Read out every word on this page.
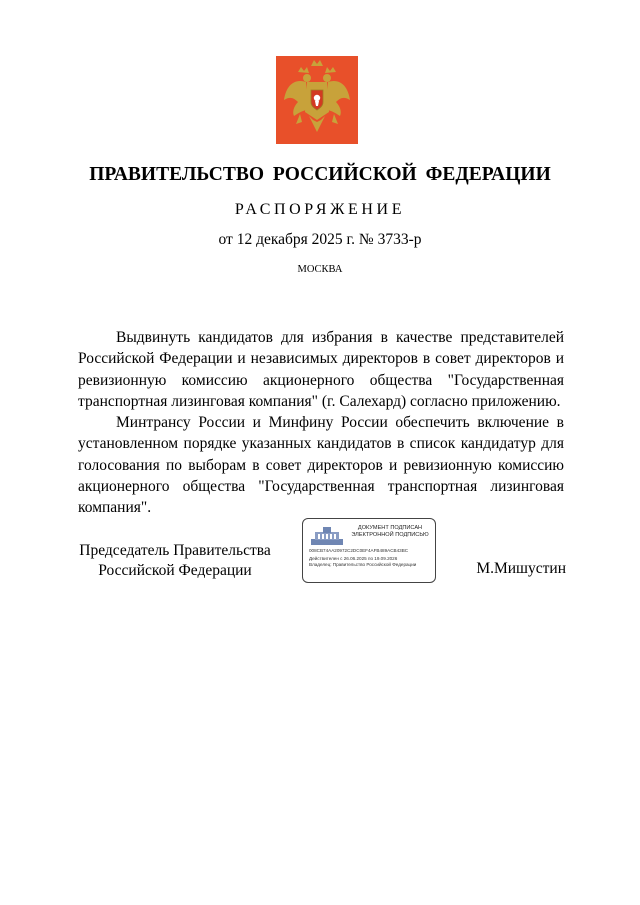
ПРАВИТЕЛЬСТВО РОССИЙСКОЙ ФЕДЕРАЦИИ
РАСПОРЯЖЕНИЕ
от 12 декабря 2025 г. № 3733-р
МОСКВА

Выдвинуть кандидатов для избрания в качестве представителей Российской Федерации и независимых директоров в совет директоров и ревизионную комиссию акционерного общества "Государственная транспортная лизинговая компания" (г. Салехард) согласно приложению.

Минтрансу России и Минфину России обеспечить включение в установленном порядке указанных кандидатов в список кандидатур для голосования по выборам в совет директоров и ревизионную комиссию акционерного общества "Государственная транспортная лизинговая компания".

Председатель Правительства
Российской Федерации
ДОКУМЕНТ ПОДПИСАН
ЭЛЕКТРОННОЙ ПОДПИСЬЮ
008CB74AA20972C2DC0EF4AFB489ACB43BC
Действителен с 26.06.2025 по 19.09.2026
Владелец: Правительство Российской Федерации	М.Мишустин
